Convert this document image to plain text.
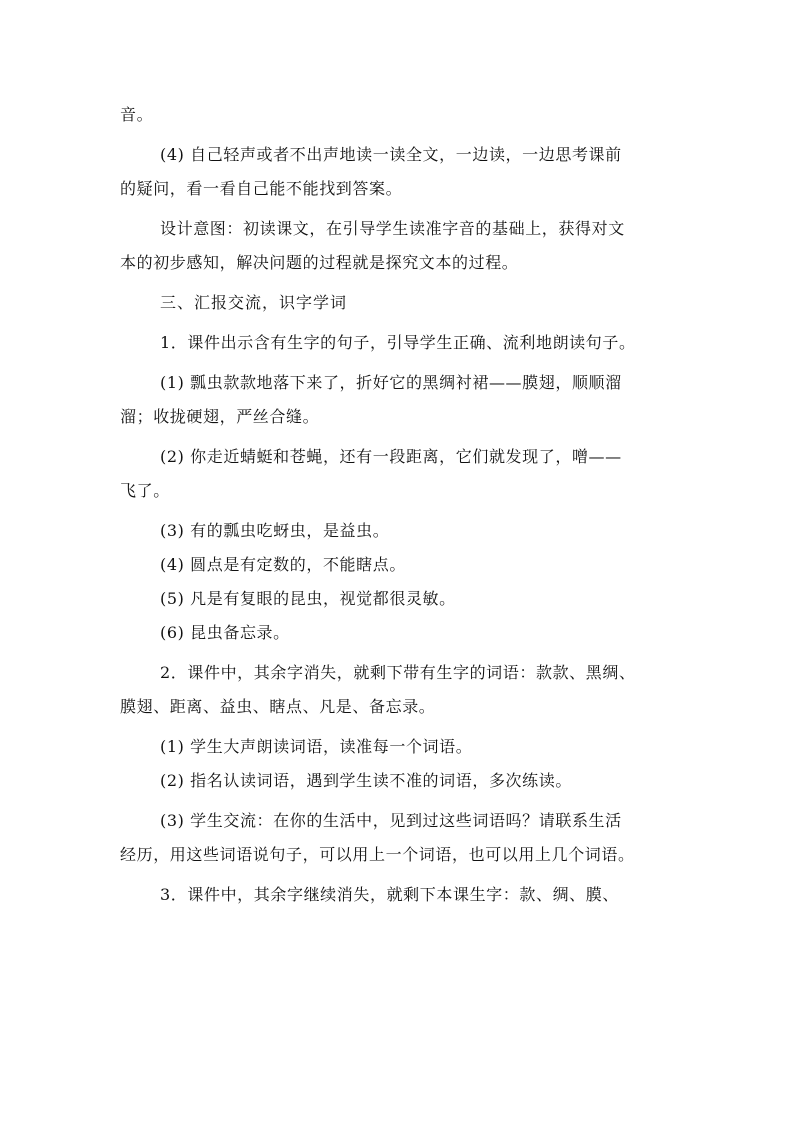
音。
(4) 自己轻声或者不出声地读一读全文，一边读，一边思考课前
的疑问，看一看自己能不能找到答案。
设计意图：初读课文，在引导学生读准字音的基础上，获得对文
本的初步感知，解决问题的过程就是探究文本的过程。
三、汇报交流，识字学词
1．课件出示含有生字的句子，引导学生正确、流利地朗读句子。
(1) 瓢虫款款地落下来了，折好它的黑绸衬裙——膜翅，顺顺溜
溜；收拢硬翅，严丝合缝。
(2) 你走近蜻蜓和苍蝇，还有一段距离，它们就发现了，噌——
飞了。
(3) 有的瓢虫吃蚜虫，是益虫。
(4) 圆点是有定数的，不能瞎点。
(5) 凡是有复眼的昆虫，视觉都很灵敏。
(6) 昆虫备忘录。
2．课件中，其余字消失，就剩下带有生字的词语：款款、黑绸、
膜翅、距离、益虫、瞎点、凡是、备忘录。
(1) 学生大声朗读词语，读准每一个词语。
(2) 指名认读词语，遇到学生读不准的词语，多次练读。
(3) 学生交流：在你的生活中，见到过这些词语吗？请联系生活
经历，用这些词语说句子，可以用上一个词语，也可以用上几个词语。
3．课件中，其余字继续消失，就剩下本课生字：款、绸、膜、
